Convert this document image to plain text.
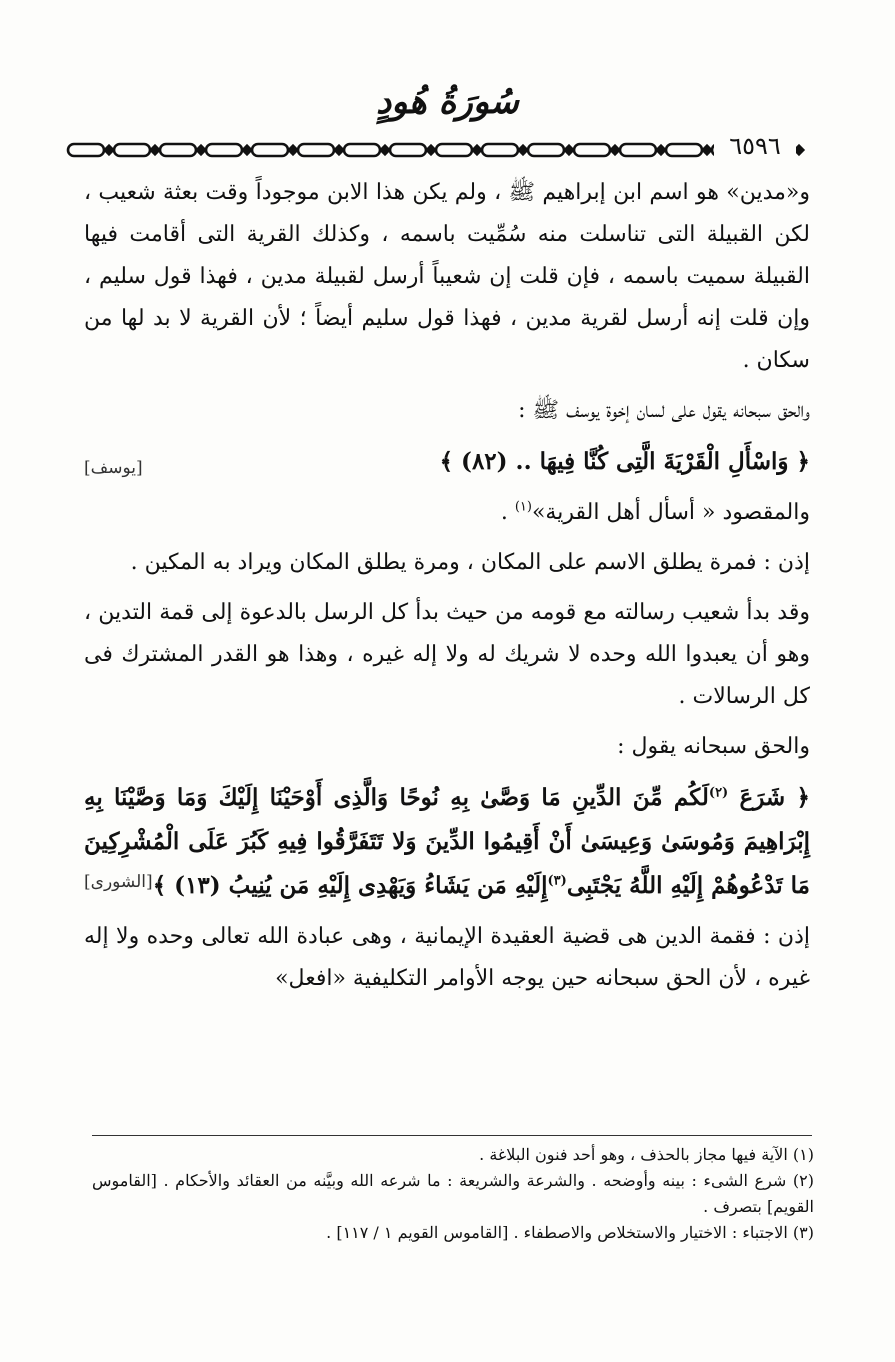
سُورَةُ هُودٍ
٦٥٩٦

و«مدين» هو اسم ابن إبراهيم ﷺ ، ولم يكن هذا الابن موجوداً وقت بعثة شعيب ، لكن القبيلة التى تناسلت منه سُمِّيت باسمه ، وكذلك القرية التى أقامت فيها القبيلة سميت باسمه ، فإن قلت إن شعيباً أرسل لقبيلة مدين ، فهذا قول سليم ، وإن قلت إنه أرسل لقرية مدين ، فهذا قول سليم أيضاً ؛ لأن القرية لا بد لها من سكان .

والحق سبحانه يقول على لسان إخوة يوسف ﷺ :

﴿ وَاسْأَلِ الْقَرْيَةَ الَّتِى كُنَّا فِيهَا .. (٨٢) ﴾
[يوسف]

والمقصود « أسأل أهل القرية»$^{(١)}$ .

إذن : فمرة يطلق الاسم على المكان ، ومرة يطلق المكان ويراد به المكين .

وقد بدأ شعيب رسالته مع قومه من حيث بدأ كل الرسل بالدعوة إلى قمة التدين ، وهو أن يعبدوا الله وحده لا شريك له ولا إله غيره ، وهذا هو القدر المشترك فى كل الرسالات .

والحق سبحانه يقول :

﴿ شَرَعَ $^{(٢)}$لَكُم مِّنَ الدِّينِ مَا وَصَّىٰ بِهِ نُوحًا وَالَّذِى أَوْحَيْنَا إِلَيْكَ وَمَا وَصَّيْنَا بِهِ إِبْرَاهِيمَ وَمُوسَىٰ وَعِيسَىٰ أَنْ أَقِيمُوا الدِّينَ وَلا تَتَفَرَّقُوا فِيهِ كَبُرَ عَلَى الْمُشْرِكِينَ مَا تَدْعُوهُمْ إِلَيْهِ اللَّهُ يَجْتَبِى$^{(٣)}$إِلَيْهِ مَن يَشَاءُ وَيَهْدِى إِلَيْهِ مَن يُنِيبُ (١٣) ﴾
[الشورى]

إذن : فقمة الدين هى قضية العقيدة الإيمانية ، وهى عبادة الله تعالى وحده ولا إله غيره ، لأن الحق سبحانه حين يوجه الأوامر التكليفية «افعل»

(١) الآية فيها مجاز بالحذف ، وهو أحد فنون البلاغة .

(٢) شرع الشىء : بينه وأوضحه . والشرعة والشريعة : ما شرعه الله وبيَّنه من العقائد والأحكام . [القاموس القويم] بتصرف .

(٣) الاجتباء : الاختيار والاستخلاص والاصطفاء . [القاموس القويم ١ / ١١٧] .
